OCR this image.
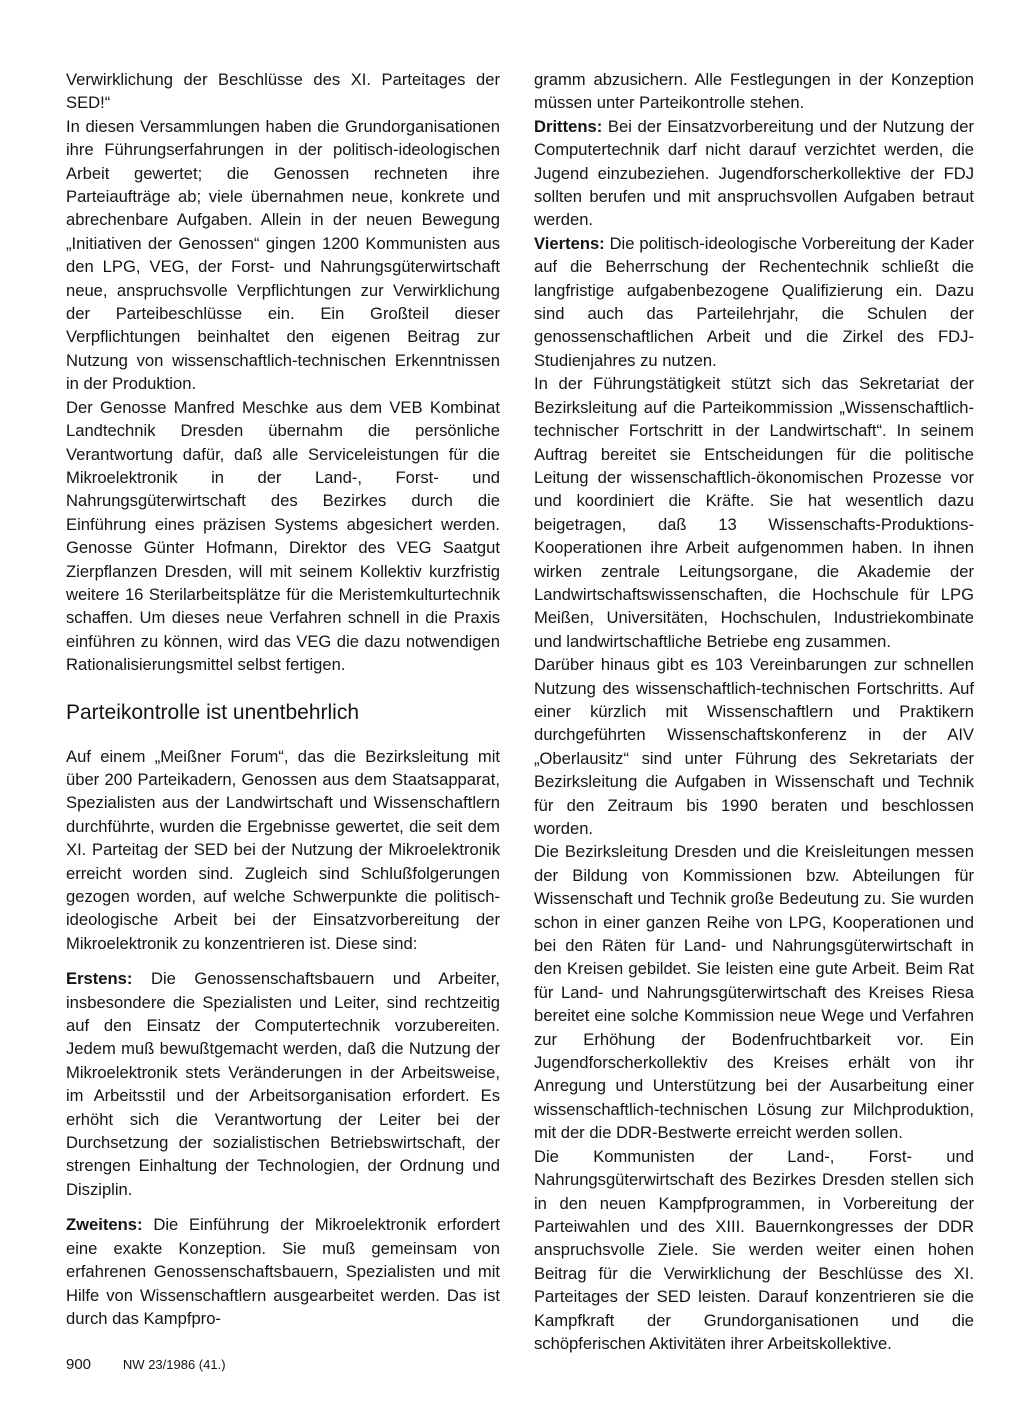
Verwirklichung der Beschlüsse des XI. Parteitages der SED!“

In diesen Versammlungen haben die Grundorganisationen ihre Führungserfahrungen in der politisch-ideologischen Arbeit gewertet; die Genossen rechneten ihre Parteiaufträge ab; viele übernahmen neue, konkrete und abrechenbare Aufgaben. Allein in der neuen Bewegung „Initiativen der Genossen“ gingen 1200 Kommunisten aus den LPG, VEG, der Forst- und Nahrungsgüterwirtschaft neue, anspruchsvolle Verpflichtungen zur Verwirklichung der Parteibeschlüsse ein. Ein Großteil dieser Verpflichtungen beinhaltet den eigenen Beitrag zur Nutzung von wissenschaftlich-technischen Erkenntnissen in der Produktion.

Der Genosse Manfred Meschke aus dem VEB Kombinat Landtechnik Dresden übernahm die persönliche Verantwortung dafür, daß alle Serviceleistungen für die Mikroelektronik in der Land-, Forst- und Nahrungsgüterwirtschaft des Bezirkes durch die Einführung eines präzisen Systems abgesichert werden. Genosse Günter Hofmann, Direktor des VEG Saatgut Zierpflanzen Dresden, will mit seinem Kollektiv kurzfristig weitere 16 Sterilarbeitsplätze für die Meristemkulturtechnik schaffen. Um dieses neue Verfahren schnell in die Praxis einführen zu können, wird das VEG die dazu notwendigen Rationalisierungsmittel selbst fertigen.

Parteikontrolle ist unentbehrlich

Auf einem „Meißner Forum“, das die Bezirksleitung mit über 200 Parteikadern, Genossen aus dem Staatsapparat, Spezialisten aus der Landwirtschaft und Wissenschaftlern durchführte, wurden die Ergebnisse gewertet, die seit dem XI. Parteitag der SED bei der Nutzung der Mikroelektronik erreicht worden sind. Zugleich sind Schlußfolgerungen gezogen worden, auf welche Schwerpunkte die politisch-ideologische Arbeit bei der Einsatzvorbereitung der Mikroelektronik zu konzentrieren ist. Diese sind:

Erstens: Die Genossenschaftsbauern und Arbeiter, insbesondere die Spezialisten und Leiter, sind rechtzeitig auf den Einsatz der Computertechnik vorzubereiten. Jedem muß bewußtgemacht werden, daß die Nutzung der Mikroelektronik stets Veränderungen in der Arbeitsweise, im Arbeitsstil und der Arbeitsorganisation erfordert. Es erhöht sich die Verantwortung der Leiter bei der Durchsetzung der sozialistischen Betriebswirtschaft, der strengen Einhaltung der Technologien, der Ordnung und Disziplin.

Zweitens: Die Einführung der Mikroelektronik erfordert eine exakte Konzeption. Sie muß gemeinsam von erfahrenen Genossenschaftsbauern, Spezialisten und mit Hilfe von Wissenschaftlern ausgearbeitet werden. Das ist durch das Kampfpro-

gramm abzusichern. Alle Festlegungen in der Konzeption müssen unter Parteikontrolle stehen.

Drittens: Bei der Einsatzvorbereitung und der Nutzung der Computertechnik darf nicht darauf verzichtet werden, die Jugend einzubeziehen. Jugendforscherkollektive der FDJ sollten berufen und mit anspruchsvollen Aufgaben betraut werden.

Viertens: Die politisch-ideologische Vorbereitung der Kader auf die Beherrschung der Rechentechnik schließt die langfristige aufgabenbezogene Qualifizierung ein. Dazu sind auch das Parteilehrjahr, die Schulen der genossenschaftlichen Arbeit und die Zirkel des FDJ-Studienjahres zu nutzen.

In der Führungstätigkeit stützt sich das Sekretariat der Bezirksleitung auf die Parteikommission „Wissenschaftlich-technischer Fortschritt in der Landwirtschaft“. In seinem Auftrag bereitet sie Entscheidungen für die politische Leitung der wissenschaftlich-ökonomischen Prozesse vor und koordiniert die Kräfte. Sie hat wesentlich dazu beigetragen, daß 13 Wissenschafts-Produktions-Kooperationen ihre Arbeit aufgenommen haben. In ihnen wirken zentrale Leitungsorgane, die Akademie der Landwirtschaftswissenschaften, die Hochschule für LPG Meißen, Universitäten, Hochschulen, Industriekombinate und landwirtschaftliche Betriebe eng zusammen.

Darüber hinaus gibt es 103 Vereinbarungen zur schnellen Nutzung des wissenschaftlich-technischen Fortschritts. Auf einer kürzlich mit Wissenschaftlern und Praktikern durchgeführten Wissenschaftskonferenz in der AIV „Oberlausitz“ sind unter Führung des Sekretariats der Bezirksleitung die Aufgaben in Wissenschaft und Technik für den Zeitraum bis 1990 beraten und beschlossen worden.

Die Bezirksleitung Dresden und die Kreisleitungen messen der Bildung von Kommissionen bzw. Abteilungen für Wissenschaft und Technik große Bedeutung zu. Sie wurden schon in einer ganzen Reihe von LPG, Kooperationen und bei den Räten für Land- und Nahrungsgüterwirtschaft in den Kreisen gebildet. Sie leisten eine gute Arbeit. Beim Rat für Land- und Nahrungsgüterwirtschaft des Kreises Riesa bereitet eine solche Kommission neue Wege und Verfahren zur Erhöhung der Bodenfruchtbarkeit vor. Ein Jugendforscherkollektiv des Kreises erhält von ihr Anregung und Unterstützung bei der Ausarbeitung einer wissenschaftlich-technischen Lösung zur Milchproduktion, mit der die DDR-Bestwerte erreicht werden sollen.

Die Kommunisten der Land-, Forst- und Nahrungsgüterwirtschaft des Bezirkes Dresden stellen sich in den neuen Kampfprogrammen, in Vorbereitung der Parteiwahlen und des XIII. Bauernkongresses der DDR anspruchsvolle Ziele. Sie werden weiter einen hohen Beitrag für die Verwirklichung der Beschlüsse des XI. Parteitages der SED leisten. Darauf konzentrieren sie die Kampfkraft der Grundorganisationen und die schöpferischen Aktivitäten ihrer Arbeitskollektive.

900 NW 23/1986 (41.)
